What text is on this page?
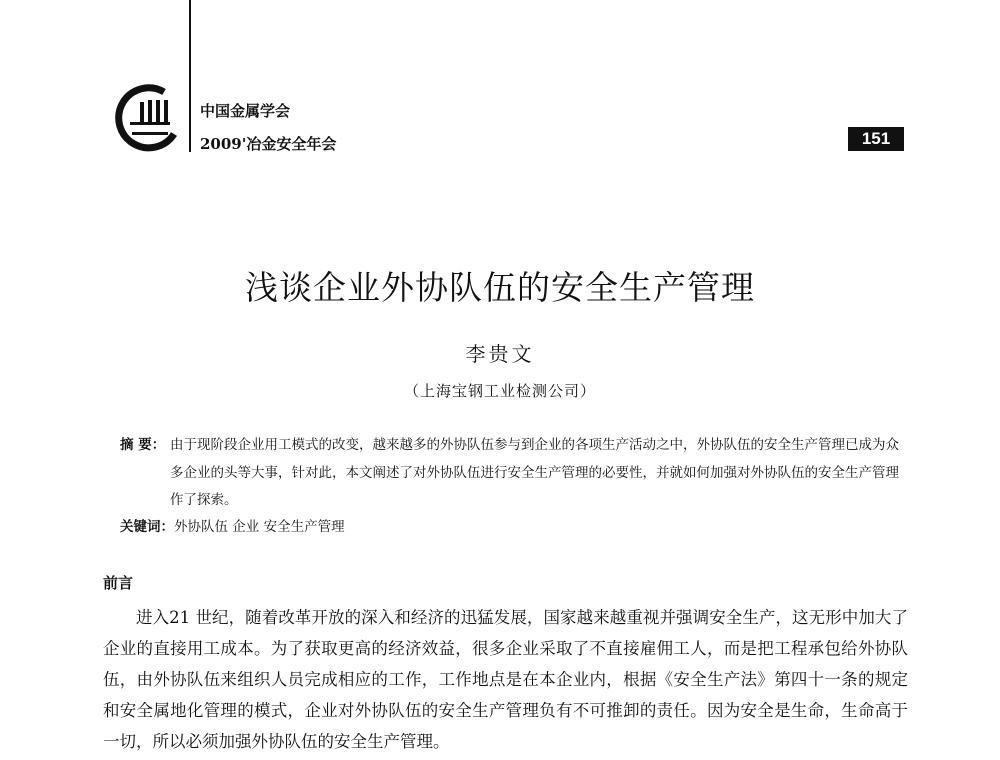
中国金属学会
2009'冶金安全年会	151
浅谈企业外协队伍的安全生产管理
李贵文
（上海宝钢工业检测公司）
摘 要： 由于现阶段企业用工模式的改变，越来越多的外协队伍参与到企业的各项生产活动之中，外协队伍的安全生产管理已成为众多企业的头等大事，针对此，本文阐述了对外协队伍进行安全生产管理的必要性，并就如何加强对外协队伍的安全生产管理作了探索。
关键词：外协队伍 企业 安全生产管理
前言
进入21 世纪，随着改革开放的深入和经济的迅猛发展，国家越来越重视并强调安全生产，这无形中加大了企业的直接用工成本。为了获取更高的经济效益，很多企业采取了不直接雇佣工人，而是把工程承包给外协队伍，由外协队伍来组织人员完成相应的工作，工作地点是在本企业内，根据《安全生产法》第四十一条的规定和安全属地化管理的模式，企业对外协队伍的安全生产管理负有不可推卸的责任。因为安全是生命，生命高于一切，所以必须加强外协队伍的安全生产管理。
